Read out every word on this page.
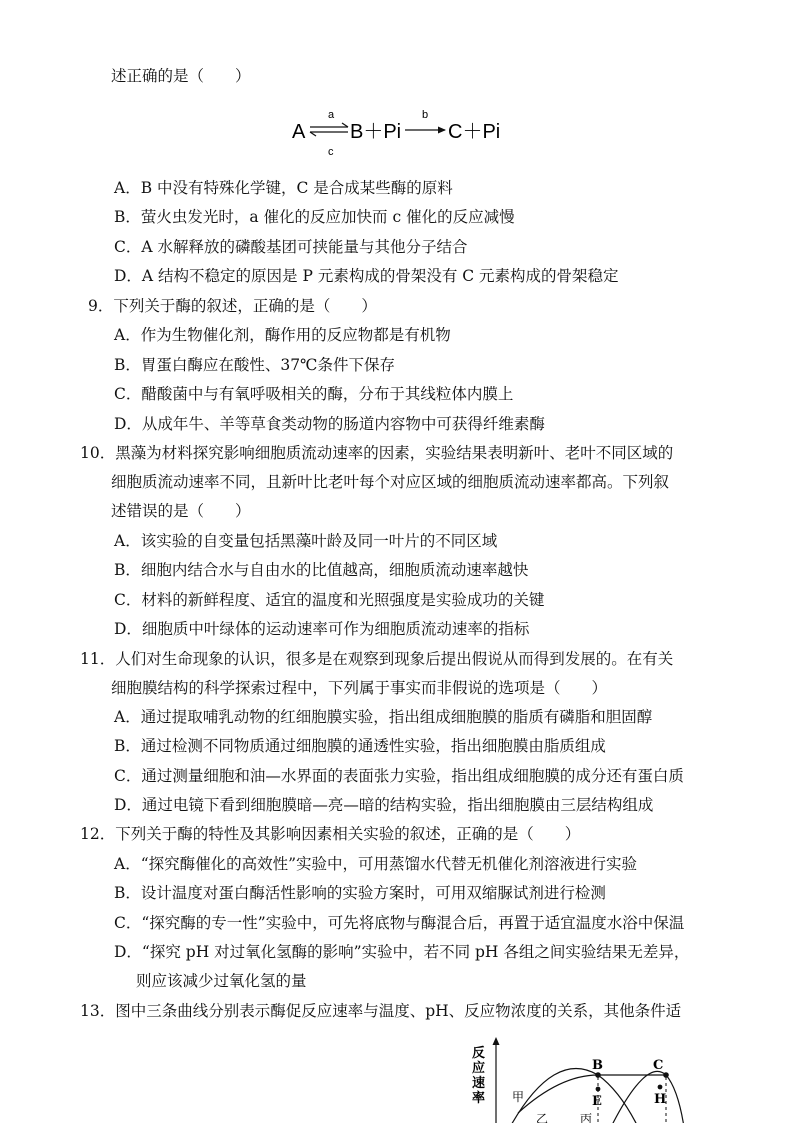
述正确的是（　　）
A
a
c
B＋Pi
b
C＋Pi
A．B 中没有特殊化学键，C 是合成某些酶的原料
B．萤火虫发光时，a 催化的反应加快而 c 催化的反应减慢
C．A 水解释放的磷酸基团可挟能量与其他分子结合
D．A 结构不稳定的原因是 P 元素构成的骨架没有 C 元素构成的骨架稳定
9．下列关于酶的叙述，正确的是（　　）
A．作为生物催化剂，酶作用的反应物都是有机物
B．胃蛋白酶应在酸性、37℃条件下保存
C．醋酸菌中与有氧呼吸相关的酶，分布于其线粒体内膜上
D．从成年牛、羊等草食类动物的肠道内容物中可获得纤维素酶
10．黑藻为材料探究影响细胞质流动速率的因素，实验结果表明新叶、老叶不同区域的
细胞质流动速率不同，且新叶比老叶每个对应区域的细胞质流动速率都高。下列叙
述错误的是（　　）
A．该实验的自变量包括黑藻叶龄及同一叶片的不同区域
B．细胞内结合水与自由水的比值越高，细胞质流动速率越快
C．材料的新鲜程度、适宜的温度和光照强度是实验成功的关键
D．细胞质中叶绿体的运动速率可作为细胞质流动速率的指标
11．人们对生命现象的认识，很多是在观察到现象后提出假说从而得到发展的。在有关
细胞膜结构的科学探索过程中，下列属于事实而非假说的选项是（　　）
A．通过提取哺乳动物的红细胞膜实验，指出组成细胞膜的脂质有磷脂和胆固醇
B．通过检测不同物质通过细胞膜的通透性实验，指出细胞膜由脂质组成
C．通过测量细胞和油—水界面的表面张力实验，指出组成细胞膜的成分还有蛋白质
D．通过电镜下看到细胞膜暗—亮—暗的结构实验，指出细胞膜由三层结构组成
12．下列关于酶的特性及其影响因素相关实验的叙述，正确的是（　　）
A．“探究酶催化的高效性”实验中，可用蒸馏水代替无机催化剂溶液进行实验
B．设计温度对蛋白酶活性影响的实验方案时，可用双缩脲试剂进行检测
C．“探究酶的专一性”实验中，可先将底物与酶混合后，再置于适宜温度水浴中保温
D．“探究 pH 对过氧化氢酶的影响”实验中，若不同 pH 各组之间实验结果无差异，
则应该减少过氧化氢的量
13．图中三条曲线分别表示酶促反应速率与温度、pH、反应物浓度的关系，其他条件适
反
应
速
率
B	C
E	H
甲
乙	丙
